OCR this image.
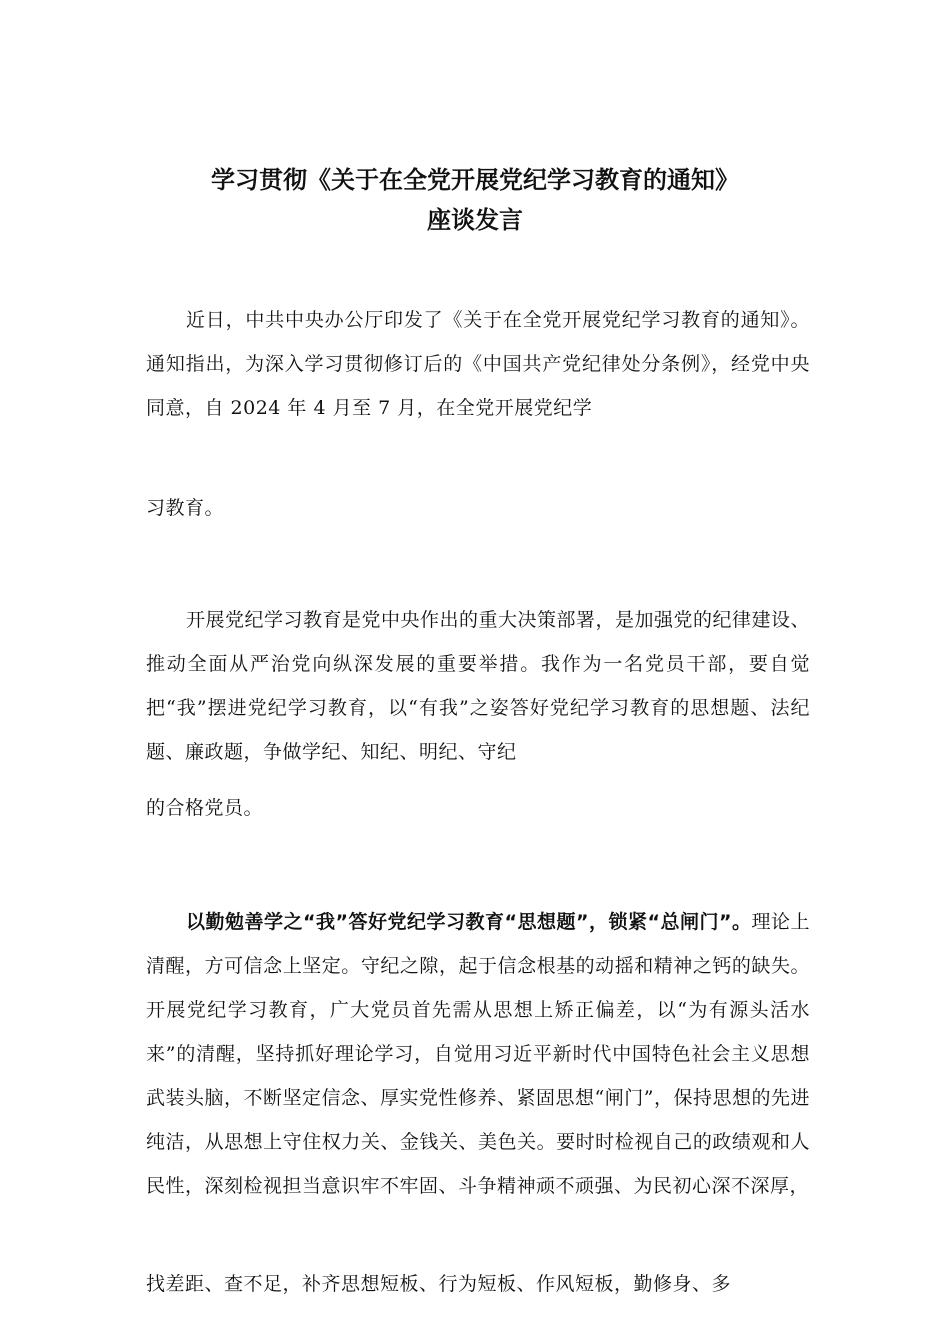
学习贯彻《关于在全党开展党纪学习教育的通知》
座谈发言

近日，中共中央办公厅印发了《关于在全党开展党纪学习教育的通知》。通知指出，为深入学习贯彻修订后的《中国共产党纪律处分条例》，经党中央同意，自 2024 年 4 月至 7 月，在全党开展党纪学

习教育。

开展党纪学习教育是党中央作出的重大决策部署，是加强党的纪律建设、推动全面从严治党向纵深发展的重要举措。我作为一名党员干部，要自觉把“我”摆进党纪学习教育，以“有我”之姿答好党纪学习教育的思想题、法纪题、廉政题，争做学纪、知纪、明纪、守纪

的合格党员。

以勤勉善学之“我”答好党纪学习教育“思想题”，锁紧“总闸门”。理论上清醒，方可信念上坚定。守纪之隙，起于信念根基的动摇和精神之钙的缺失。开展党纪学习教育，广大党员首先需从思想上矫正偏差，以“为有源头活水来”的清醒，坚持抓好理论学习，自觉用习近平新时代中国特色社会主义思想武装头脑，不断坚定信念、厚实党性修养、紧固思想“闸门”，保持思想的先进纯洁，从思想上守住权力关、金钱关、美色关。要时时检视自己的政绩观和人民性，深刻检视担当意识牢不牢固、斗争精神顽不顽强、为民初心深不深厚，

找差距、查不足，补齐思想短板、行为短板、作风短板，勤修身、多
